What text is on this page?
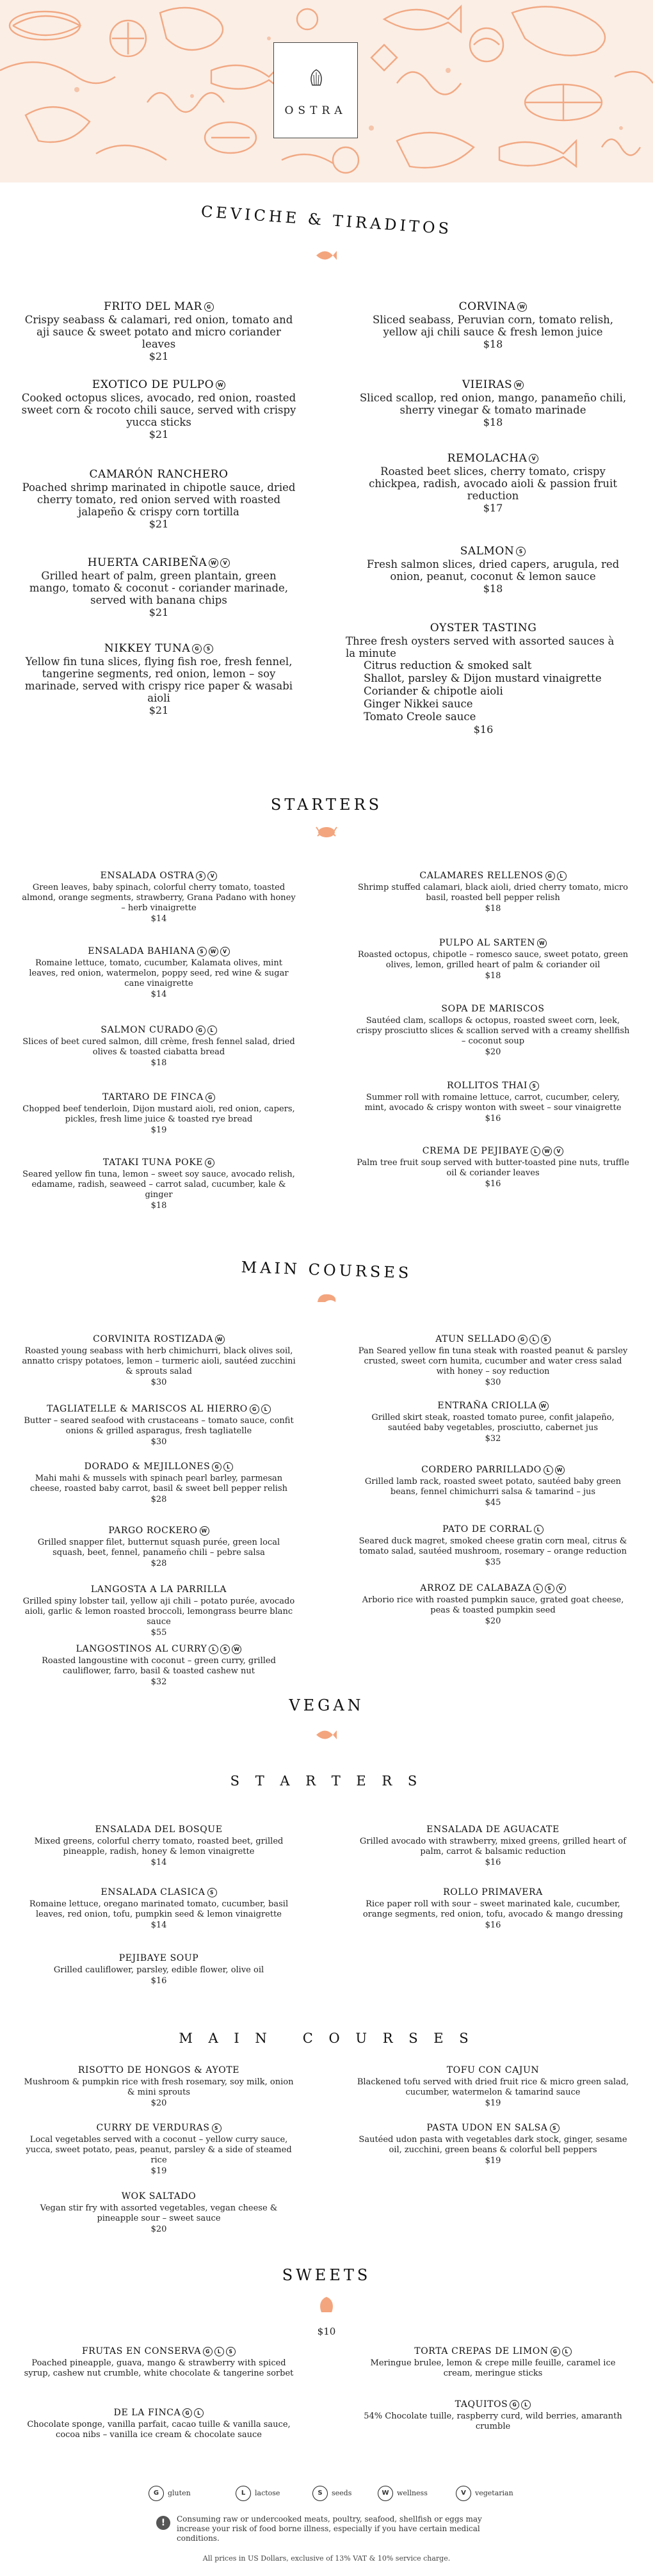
OSTRA
CEVICHE & TIRADITOS
FRITO DEL MAR G
Crispy seabass & calamari, red onion, tomato and aji sauce & sweet potato and micro coriander leaves
$21
CORVINA W
Sliced seabass, Peruvian corn, tomato relish, yellow aji chili sauce & fresh lemon juice
$18
EXOTICO DE PULPO W
Cooked octopus slices, avocado, red onion, roasted sweet corn & rocoto chili sauce, served with crispy yucca sticks
$21
VIEIRAS W
Sliced scallop, red onion, mango, panameño chili, sherry vinegar & tomato marinade
$18
CAMARÓN RANCHERO
Poached shrimp marinated in chipotle sauce, dried cherry tomato, red onion served with roasted jalapeño & crispy corn tortilla
$21
REMOLACHA V
Roasted beet slices, cherry tomato, crispy chickpea, radish, avocado aioli & passion fruit reduction
$17
HUERTA CARIBEÑA W V
Grilled heart of palm, green plantain, green mango, tomato & coconut - coriander marinade, served with banana chips
$21
SALMON S
Fresh salmon slices, dried capers, arugula, red onion, peanut, coconut & lemon sauce
$18
NIKKEY TUNA G S
Yellow fin tuna slices, flying fish roe, fresh fennel, tangerine segments, red onion, lemon – soy marinade, served with crispy rice paper & wasabi aioli
$21
OYSTER TASTING
Three fresh oysters served with assorted sauces à la minute
Citrus reduction & smoked salt
Shallot, parsley & Dijon mustard vinaigrette
Coriander & chipotle aioli
Ginger Nikkei sauce
Tomato Creole sauce
$16
STARTERS
ENSALADA OSTRA S V
Green leaves, baby spinach, colorful cherry tomato, toasted almond, orange segments, strawberry, Grana Padano with honey – herb vinaigrette
$14
CALAMARES RELLENOS G L
Shrimp stuffed calamari, black aioli, dried cherry tomato, micro basil, roasted bell pepper relish
$18
ENSALADA BAHIANA S W V
Romaine lettuce, tomato, cucumber, Kalamata olives, mint leaves, red onion, watermelon, poppy seed, red wine & sugar cane vinaigrette
$14
PULPO AL SARTEN W
Roasted octopus, chipotle – romesco sauce, sweet potato, green olives, lemon, grilled heart of palm & coriander oil
$18
SALMON CURADO G L
Slices of beet cured salmon, dill crème, fresh fennel salad, dried olives & toasted ciabatta bread
$18
SOPA DE MARISCOS
Sautéed clam, scallops & octopus, roasted sweet corn, leek, crispy prosciutto slices & scallion served with a creamy shellfish – coconut soup
$20
TARTARO DE FINCA G
Chopped beef tenderloin, Dijon mustard aioli, red onion, capers, pickles, fresh lime juice & toasted rye bread
$19
ROLLITOS THAI S
Summer roll with romaine lettuce, carrot, cucumber, celery, mint, avocado & crispy wonton with sweet – sour vinaigrette
$16
TATAKI TUNA POKE G
Seared yellow fin tuna, lemon – sweet soy sauce, avocado relish, edamame, radish, seaweed – carrot salad, cucumber, kale & ginger
$18
CREMA DE PEJIBAYE L W V
Palm tree fruit soup served with butter-toasted pine nuts, truffle oil & coriander leaves
$16
MAIN COURSES
CORVINITA ROSTIZADA W
Roasted young seabass with herb chimichurri, black olives soil, annatto crispy potatoes, lemon – turmeric aioli, sautéed zucchini & sprouts salad
$30
ATUN SELLADO G L S
Pan Seared yellow fin tuna steak with roasted peanut & parsley crusted, sweet corn humita, cucumber and water cress salad with honey – soy reduction
$30
TAGLIATELLE & MARISCOS AL HIERRO G L
Butter – seared seafood with crustaceans – tomato sauce, confit onions & grilled asparagus, fresh tagliatelle
$30
ENTRAÑA CRIOLLA W
Grilled skirt steak, roasted tomato puree, confit jalapeño, sautéed baby vegetables, prosciutto, cabernet jus
$32
DORADO & MEJILLONES G L
Mahi mahi & mussels with spinach pearl barley, parmesan cheese, roasted baby carrot, basil & sweet bell pepper relish
$28
CORDERO PARRILLADO L W
Grilled lamb rack, roasted sweet potato, sautéed baby green beans, fennel chimichurri salsa & tamarind – jus
$45
PARGO ROCKERO W
Grilled snapper filet, butternut squash purée, green local squash, beet, fennel, panameño chili – pebre salsa
$28
PATO DE CORRAL L
Seared duck magret, smoked cheese gratin corn meal, citrus & tomato salad, sautéed mushroom, rosemary – orange reduction
$35
LANGOSTA A LA PARRILLA
Grilled spiny lobster tail, yellow aji chili – potato purée, avocado aioli, garlic & lemon roasted broccoli, lemongrass beurre blanc sauce
$55
ARROZ DE CALABAZA L S V
Arborio rice with roasted pumpkin sauce, grated goat cheese, peas & toasted pumpkin seed
$20
LANGOSTINOS AL CURRY L S W
Roasted langoustine with coconut – green curry, grilled cauliflower, farro, basil & toasted cashew nut
$32
VEGAN
S T A R T E R S
ENSALADA DEL BOSQUE
Mixed greens, colorful cherry tomato, roasted beet, grilled pineapple, radish, honey & lemon vinaigrette
$14
ENSALADA DE AGUACATE
Grilled avocado with strawberry, mixed greens, grilled heart of palm, carrot & balsamic reduction
$16
ENSALADA CLASICA S
Romaine lettuce, oregano marinated tomato, cucumber, basil leaves, red onion, tofu, pumpkin seed & lemon vinaigrette
$14
ROLLO PRIMAVERA
Rice paper roll with sour – sweet marinated kale, cucumber, orange segments, red onion, tofu, avocado & mango dressing
$16
PEJIBAYE SOUP
Grilled cauliflower, parsley, edible flower, olive oil
$16
M A I N   C O U R S E S
RISOTTO DE HONGOS & AYOTE
Mushroom & pumpkin rice with fresh rosemary, soy milk, onion & mini sprouts
$20
TOFU CON CAJUN
Blackened tofu served with dried fruit rice & micro green salad, cucumber, watermelon & tamarind sauce
$19
CURRY DE VERDURAS S
Local vegetables served with a coconut – yellow curry sauce, yucca, sweet potato, peas, peanut, parsley & a side of steamed rice
$19
PASTA UDON EN SALSA S
Sautéed udon pasta with vegetables dark stock, ginger, sesame oil, zucchini, green beans & colorful bell peppers
$19
WOK SALTADO
Vegan stir fry with assorted vegetables, vegan cheese & pineapple sour – sweet sauce
$20
SWEETS
$10
FRUTAS EN CONSERVA G L S
Poached pineapple, guava, mango & strawberry with spiced syrup, cashew nut crumble, white chocolate & tangerine sorbet
TORTA CREPAS DE LIMON G L
Meringue brulee, lemon & crepe mille feuille, caramel ice cream, meringue sticks
DE LA FINCA G L
Chocolate sponge, vanilla parfait, cacao tuille & vanilla sauce, cocoa nibs – vanilla ice cream & chocolate sauce
TAQUITOS G L
54% Chocolate tuille, raspberry curd, wild berries, amaranth crumble
G gluten	L lactose	S seeds	W wellness	V vegetarian
!	Consuming raw or undercooked meats, poultry, seafood, shellfish or eggs may increase your risk of food borne illness, especially if you have certain medical conditions.
All prices in US Dollars, exclusive of 13% VAT & 10% service charge.
